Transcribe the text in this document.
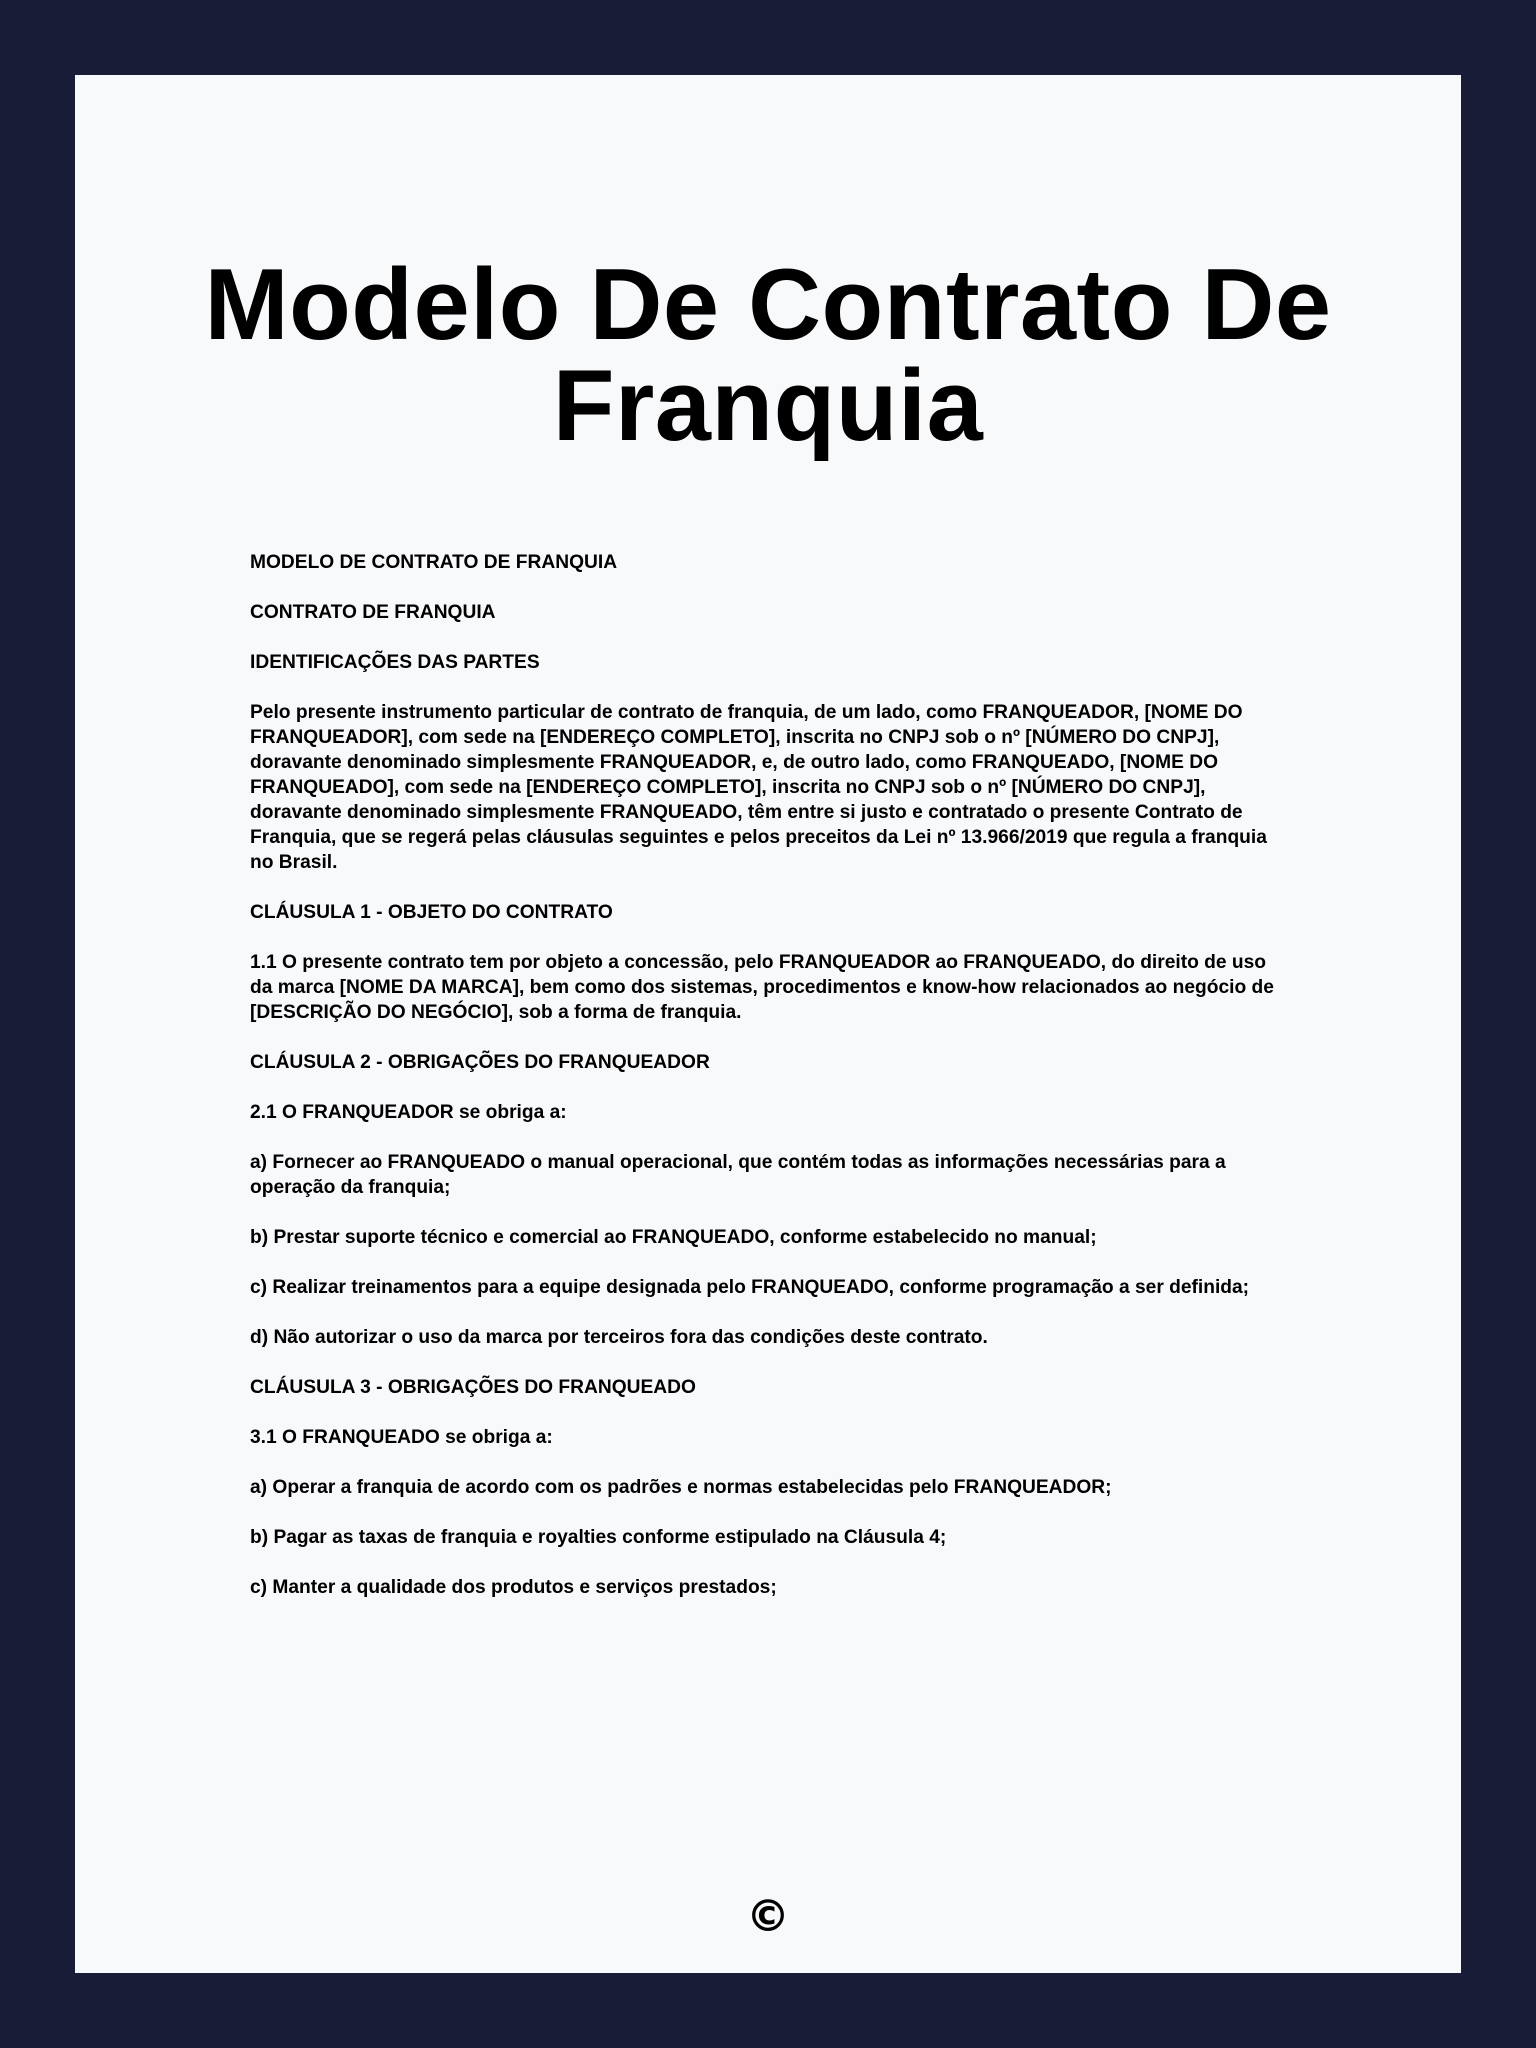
Modelo De Contrato De Franquia

MODELO DE CONTRATO DE FRANQUIA

CONTRATO DE FRANQUIA

IDENTIFICAÇÕES DAS PARTES

Pelo presente instrumento particular de contrato de franquia, de um lado, como FRANQUEADOR, [NOME DO FRANQUEADOR], com sede na [ENDEREÇO COMPLETO], inscrita no CNPJ sob o nº [NÚMERO DO CNPJ], doravante denominado simplesmente FRANQUEADOR, e, de outro lado, como FRANQUEADO, [NOME DO FRANQUEADO], com sede na [ENDEREÇO COMPLETO], inscrita no CNPJ sob o nº [NÚMERO DO CNPJ], doravante denominado simplesmente FRANQUEADO, têm entre si justo e contratado o presente Contrato de Franquia, que se regerá pelas cláusulas seguintes e pelos preceitos da Lei nº 13.966/2019 que regula a franquia no Brasil.

CLÁUSULA 1 - OBJETO DO CONTRATO

1.1 O presente contrato tem por objeto a concessão, pelo FRANQUEADOR ao FRANQUEADO, do direito de uso da marca [NOME DA MARCA], bem como dos sistemas, procedimentos e know-how relacionados ao negócio de [DESCRIÇÃO DO NEGÓCIO], sob a forma de franquia.

CLÁUSULA 2 - OBRIGAÇÕES DO FRANQUEADOR

2.1 O FRANQUEADOR se obriga a:

a) Fornecer ao FRANQUEADO o manual operacional, que contém todas as informações necessárias para a operação da franquia;

b) Prestar suporte técnico e comercial ao FRANQUEADO, conforme estabelecido no manual;

c) Realizar treinamentos para a equipe designada pelo FRANQUEADO, conforme programação a ser definida;

d) Não autorizar o uso da marca por terceiros fora das condições deste contrato.

CLÁUSULA 3 - OBRIGAÇÕES DO FRANQUEADO

3.1 O FRANQUEADO se obriga a:

a) Operar a franquia de acordo com os padrões e normas estabelecidas pelo FRANQUEADOR;

b) Pagar as taxas de franquia e royalties conforme estipulado na Cláusula 4;

c) Manter a qualidade dos produtos e serviços prestados;

©
